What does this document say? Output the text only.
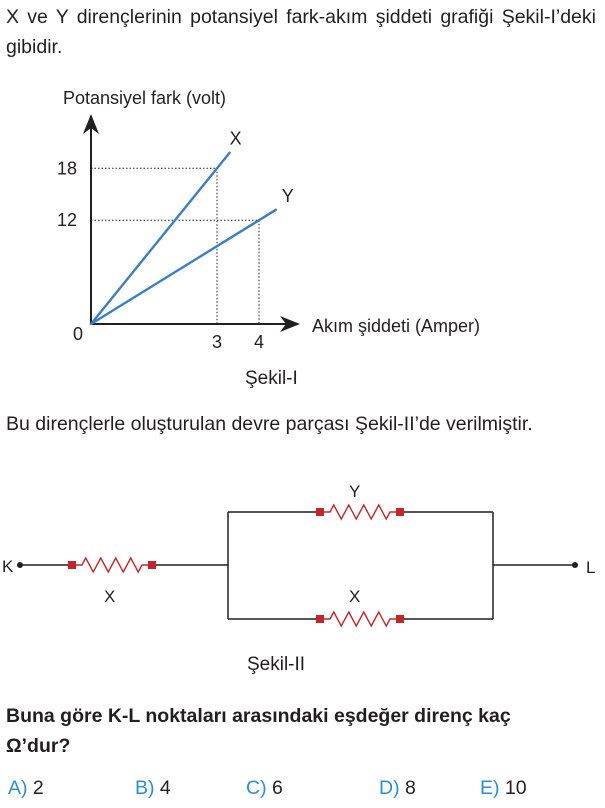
X ve Y dirençlerinin potansiyel fark-akım şiddeti grafiği Şekil-I’deki gibidir.

X
Y
3 4
18
12
Potansiyel fark (volt)
Akım şiddeti (Amper)
0
Şekil-I

Bu dirençlerle oluşturulan devre parçası Şekil-II’de verilmiştir.

K	L
X
Y
X
Şekil-II
Buna göre K-L noktaları arasındaki eşdeğer direnç kaç
Ω’dur?
A) 2	B) 4	C) 6	D) 8	E) 10
